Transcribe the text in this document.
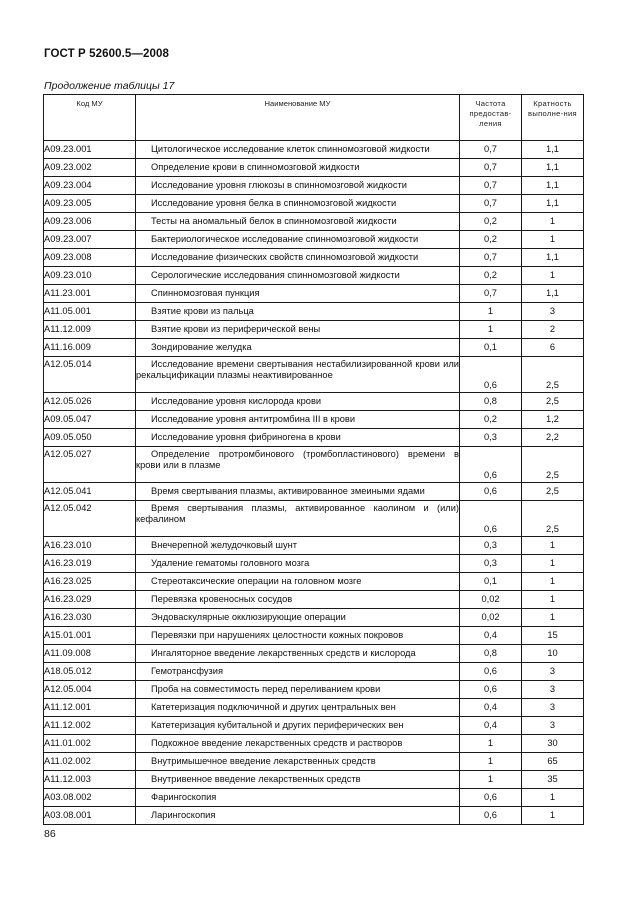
ГОСТ Р 52600.5—2008
Продолжение таблицы 17
Код МУ	Наименование МУ	Частота предостав-ления	Кратность выполне-ния
А09.23.001	Цитологическое исследование клеток спинномозговой жидкости	0,7	1,1
А09.23.002	Определение крови в спинномозговой жидкости	0,7	1,1
А09.23.004	Исследование уровня глюкозы в спинномозговой жидкости	0,7	1,1
А09.23.005	Исследование уровня белка в спинномозговой жидкости	0,7	1,1
А09.23.006	Тесты на аномальный белок в спинномозговой жидкости	0,2	1
А09.23.007	Бактериологическое исследование спинномозговой жидкости	0,2	1
А09.23.008	Исследование физических свойств спинномозговой жидкости	0,7	1,1
А09.23.010	Серологические исследования спинномозговой жидкости	0,2	1
А11.23.001	Спинномозговая пункция	0,7	1,1
А11.05.001	Взятие крови из пальца	1	3
А11.12.009	Взятие крови из периферической вены	1	2
А11.16.009	Зондирование желудка	0,1	6
А12.05.014	Исследование времени свертывания нестабилизированной крови или рекальцификации плазмы неактивированное	0,6	2,5
А12.05.026	Исследование уровня кислорода крови	0,8	2,5
А09.05.047	Исследование уровня антитромбина III в крови	0,2	1,2
А09.05.050	Исследование уровня фибриногена в крови	0,3	2,2
А12.05.027	Определение протромбинового (тромбопластинового) времени в крови или в плазме	0,6	2,5
А12.05.041	Время свертывания плазмы, активированное змеиными ядами	0,6	2,5
А12.05.042	Время свертывания плазмы, активированное каолином и (или) кефалином	0,6	2,5
А16.23.010	Внечерепной желудочковый шунт	0,3	1
А16.23.019	Удаление гематомы головного мозга	0,3	1
А16.23.025	Стереотаксические операции на головном мозге	0,1	1
А16.23.029	Перевязка кровеносных сосудов	0,02	1
А16.23.030	Эндоваскулярные окклюзирующие операции	0,02	1
А15.01.001	Перевязки при нарушениях целостности кожных покровов	0,4	15
А11.09.008	Ингаляторное введение лекарственных средств и кислорода	0,8	10
А18.05.012	Гемотрансфузия	0,6	3
А12.05.004	Проба на совместимость перед переливанием крови	0,6	3
А11.12.001	Катетеризация подключичной и других центральных вен	0,4	3
А11.12.002	Катетеризация кубитальной и других периферических вен	0,4	3
А11.01.002	Подкожное введение лекарственных средств и растворов	1	30
А11.02.002	Внутримышечное введение лекарственных средств	1	65
А11.12.003	Внутривенное введение лекарственных средств	1	35
А03.08.002	Фарингоскопия	0,6	1
А03.08.001	Ларингоскопия	0,6	1
86
